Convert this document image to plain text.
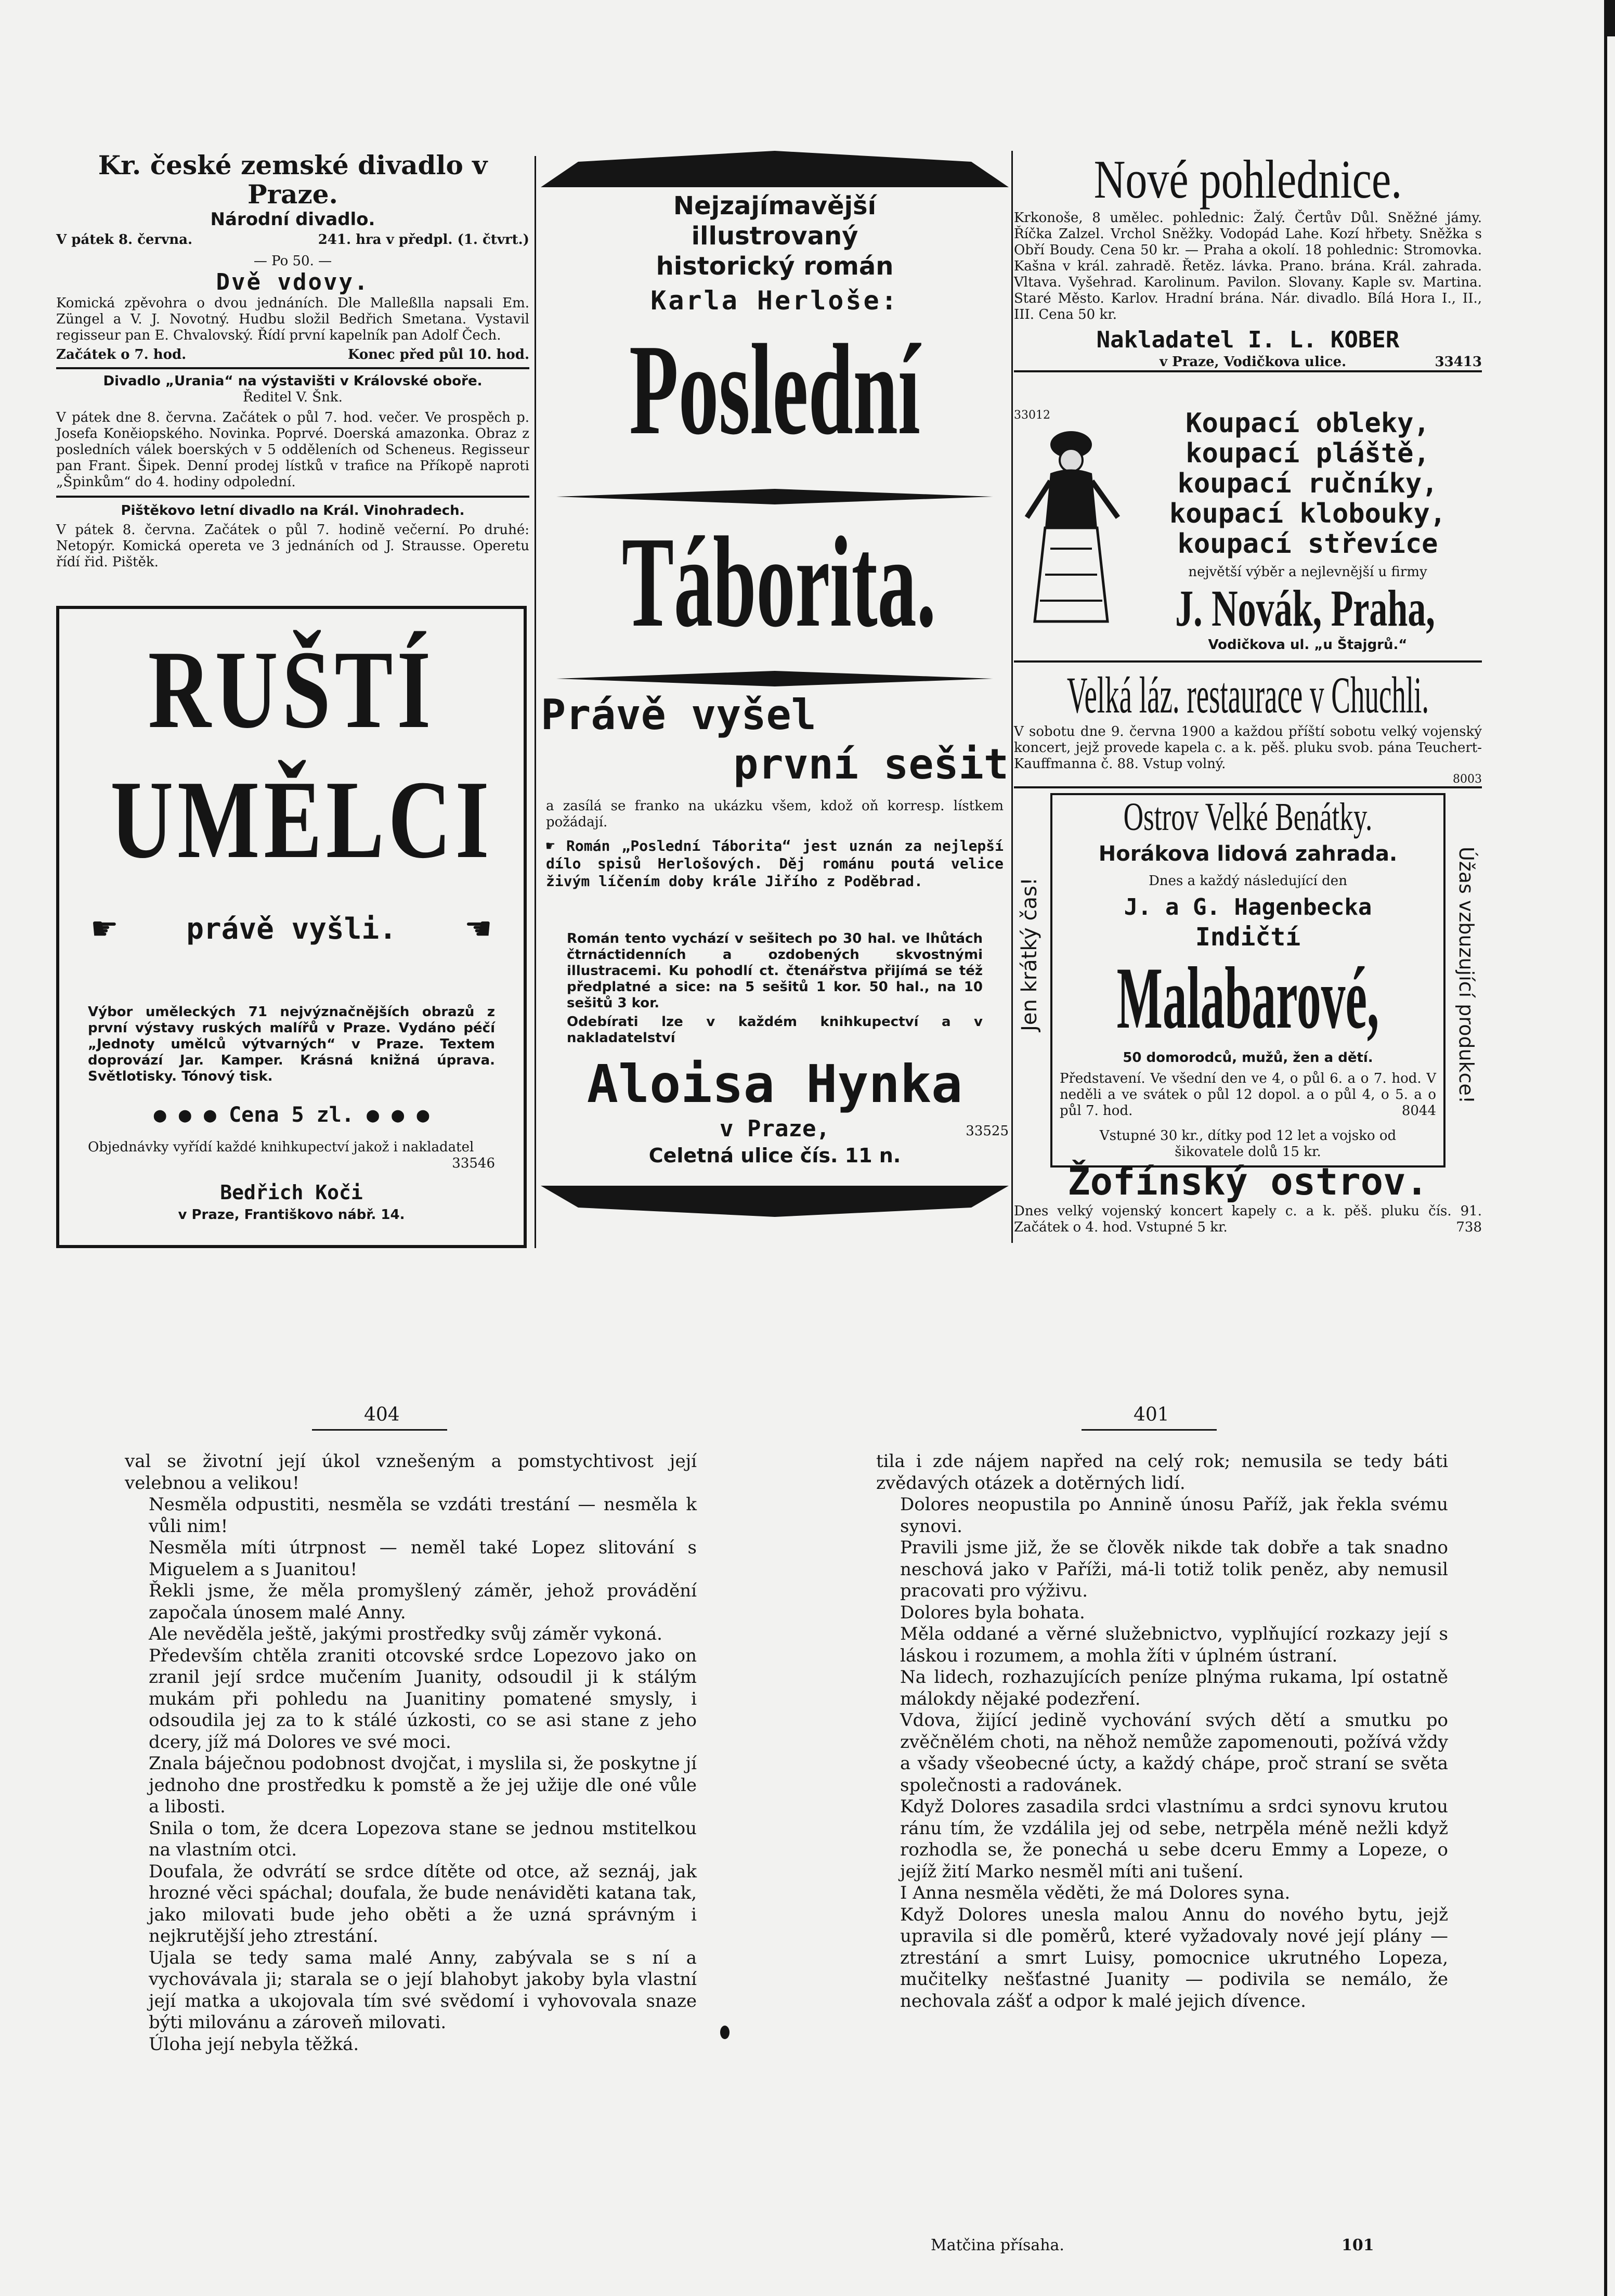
Kr. české zemské divadlo v Praze.
Národní divadlo.
V pátek 8. června.	241. hra v předpl. (1. čtvrt.)
— Po 50. —
Dvě vdovy.
Komická zpěvohra o dvou jednáních. Dle Malleßlla napsali Em. Züngel a V. J. Novotný. Hudbu složil Bedřich Smetana. Vystavil regisseur pan E. Chvalovský. Řídí první kapelník pan Adolf Čech.
Začátek o 7. hod.	Konec před půl 10. hod.
Divadlo „Urania“ na výstavišti v Královské oboře.
Ředitel V. Šnk.
V pátek dne 8. června. Začátek o půl 7. hod. večer. Ve prospěch p. Josefa Koněiopského. Novinka. Poprvé. Doerská amazonka. Obraz z posledních válek boerských v 5 odděleních od Scheneus. Regisseur pan Frant. Šipek. Denní prodej lístků v trafice na Příkopě naproti „Špinkům“ do 4. hodiny odpolední.
Pištěkovo letní divadlo na Král. Vinohradech.
V pátek 8. června. Začátek o půl 7. hodině večerní. Po druhé: Netopýr. Komická opereta ve 3 jednáních od J. Strausse. Operetu řídí řid. Pištěk.
RUŠTÍ
UMĚLCI
☛ právě vyšli. ☛
Výbor uměleckých 71 nejvýznačnějších obrazů z první výstavy ruských malířů v Praze. Vydáno péčí „Jednoty umělců výtvarných“ v Praze. Textem doprovází Jar. Kamper. Krásná knižná úprava. Světlotisky. Tónový tisk.
● ● ● Cena 5 zl. ● ● ●
Objednávky vyřídí každé knihkupectví jakož i nakladatel
33546
Bedřich Koči
v Praze, Františkovo nábř. 14.
Nejzajímavější
illustrovaný
historický román
Karla Herloše:
Poslední
Táborita.
Právě vyšel
první sešit
a zasílá se franko na ukázku všem, kdož oň korresp. lístkem požádají.
☛ Román „Poslední Táborita“ jest uznán za nejlepší dílo spisů Herlošových. Děj románu poutá velice živým líčením doby krále Jiřího z Poděbrad.
Román tento vychází v sešitech po 30 hal. ve lhůtách čtrnáctidenních a ozdobených skvostnými illustracemi. Ku pohodlí ct. čtenářstva přijímá se též předplatné a sice: na 5 sešitů 1 kor. 50 hal., na 10 sešitů 3 kor.
Odebírati lze v každém knihkupectví a v nakladatelství
Aloisa Hynka
v Praze,	33525
Celetná ulice čís. 11 n.
Nové pohlednice.
Krkonoše, 8 umělec. pohlednic: Žalý. Čertův Důl. Sněžné jámy. Říčka Zalzel. Vrchol Sněžky. Vodopád Lahe. Kozí hřbety. Sněžka s Obří Boudy. Cena 50 kr. — Praha a okolí. 18 pohlednic: Stromovka. Kašna v král. zahradě. Řetěz. lávka. Prano. brána. Král. zahrada. Vltava. Vyšehrad. Karolinum. Pavilon. Slovany. Kaple sv. Martina. Staré Město. Karlov. Hradní brána. Nár. divadlo. Bílá Hora I., II., III. Cena 50 kr.
Nakladatel I. L. KOBER
v Praze, Vodičkova ulice.	33413
33012	Koupací obleky,
koupací pláště,
koupací ručníky,
koupací klobouky,
koupací střevíce
největší výběr a nejlevnější u firmy
J. Novák, Praha,
Vodičkova ul. „u Štajgrů.“
Velká láz. restaurace v Chuchli.
V sobotu dne 9. června 1900 a každou příští sobotu velký vojenský koncert, jejž provede kapela c. a k. pěš. pluku svob. pána Teuchert-Kauffmanna č. 88. Vstup volný.
8003
Jen krátký čas!	Úžas vzbuzující produkce!
Ostrov Velké Benátky.
Horákova lidová zahrada.
Dnes a každý následující den
J. a G. Hagenbecka
Indičtí
Malabarové,
50 domorodců, mužů, žen a dětí.
Představení. Ve všední den ve 4, o půl 6. a o 7. hod. V neděli a ve svátek o půl 12 dopol. a o půl 4, o 5. a o půl 7. hod.	8044
Vstupné 30 kr., dítky pod 12 let a vojsko od šikovatele dolů 15 kr.
Žofínský ostrov.
Dnes velký vojenský koncert kapely c. a k. pěš. pluku čís. 91. Začátek o 4. hod. Vstupné 5 kr.	738
404	401

val se životní její úkol vznešeným a pomstychtivost její velebnou a velikou!

Nesměla odpustiti, nesměla se vzdáti trestání — nesměla k vůli nim!

Nesměla míti útrpnost — neměl také Lopez slitování s Miguelem a s Juanitou!

Řekli jsme, že měla promyšlený záměr, jehož provádění započala únosem malé Anny.

Ale nevěděla ještě, jakými prostředky svůj záměr vykoná.

Především chtěla zraniti otcovské srdce Lopezovo jako on zranil její srdce mučením Juanity, odsoudil ji k stálým mukám při pohledu na Juanitiny pomatené smysly, i odsoudila jej za to k stálé úzkosti, co se asi stane z jeho dcery, jíž má Dolores ve své moci.

Znala báječnou podobnost dvojčat, i myslila si, že poskytne jí jednoho dne prostředku k pomstě a že jej užije dle oné vůle a libosti.

Snila o tom, že dcera Lopezova stane se jednou mstitelkou na vlastním otci.

Doufala, že odvrátí se srdce dítěte od otce, až seznáj, jak hrozné věci spáchal; doufala, že bude nenáviděti katana tak, jako milovati bude jeho oběti a že uzná správným i nejkrutější jeho ztrestání.

Ujala se tedy sama malé Anny, zabývala se s ní a vychovávala ji; starala se o její blahobyt jakoby byla vlastní její matka a ukojovala tím své svědomí i vyhovovala snaze býti milovánu a zároveň milovati.

Úloha její nebyla těžká.

tila i zde nájem napřed na celý rok; nemusila se tedy báti zvědavých otázek a dotěrných lidí.

Dolores neopustila po Annině únosu Paříž, jak řekla svému synovi.

Pravili jsme již, že se člověk nikde tak dobře a tak snadno neschová jako v Paříži, má-li totiž tolik peněz, aby nemusil pracovati pro výživu.

Dolores byla bohata.

Měla oddané a věrné služebnictvo, vyplňující rozkazy její s láskou i rozumem, a mohla žíti v úplném ústraní.

Na lidech, rozhazujících peníze plnýma rukama, lpí ostatně málokdy nějaké podezření.

Vdova, žijící jedině vychování svých dětí a smutku po zvěčnělém choti, na něhož nemůže zapomenouti, požívá vždy a všady všeobecné úcty, a každý chápe, proč straní se světa společnosti a radovánek.

Když Dolores zasadila srdci vlastnímu a srdci synovu krutou ránu tím, že vzdálila jej od sebe, netrpěla méně nežli když rozhodla se, že ponechá u sebe dceru Emmy a Lopeze, o jejíž žití Marko nesměl míti ani tušení.

I Anna nesměla věděti, že má Dolores syna.

Když Dolores unesla malou Annu do nového bytu, jejž upravila si dle poměrů, které vyžadovaly nové její plány — ztrestání a smrt Luisy, pomocnice ukrutného Lopeza, mučitelky nešťastné Juanity — podivila se nemálo, že nechovala zášť a odpor k malé jejich dívence.

Matčina přísaha.	101
